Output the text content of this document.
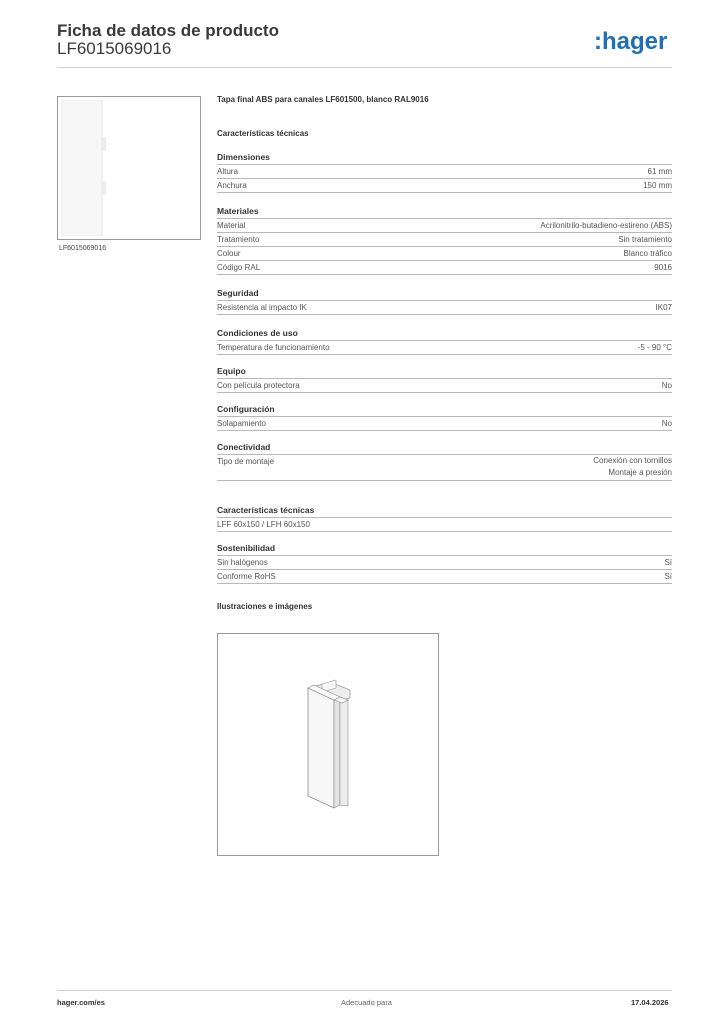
Ficha de datos de producto
LF6015069016	:hager
LF6015069016
Tapa final ABS para canales LF601500, blanco RAL9016
Características técnicas
Dimensiones
Altura	61 mm
Anchura	150 mm
Materiales
Material	Acrilonitrilo-butadieno-estireno (ABS)
Tratamiento	Sin tratamiento
Colour	Blanco tráfico
Código RAL	9016
Seguridad
Resistencia al impacto IK	IK07
Condiciones de uso
Temperatura de funcionamiento	-5 - 90 °C
Equipo
Con película protectora	No
Configuración
Solapamiento	No
Conectividad
Tipo de montaje	Conexión con tornillos
Montaje a presión
Características técnicas
LFF 60x150 / LFH 60x150
Sostenibilidad
Sin halógenos	Sí
Conforme RoHS	Sí
Ilustraciones e imágenes
hager.com/es	Adecuado para	17.04.2026
